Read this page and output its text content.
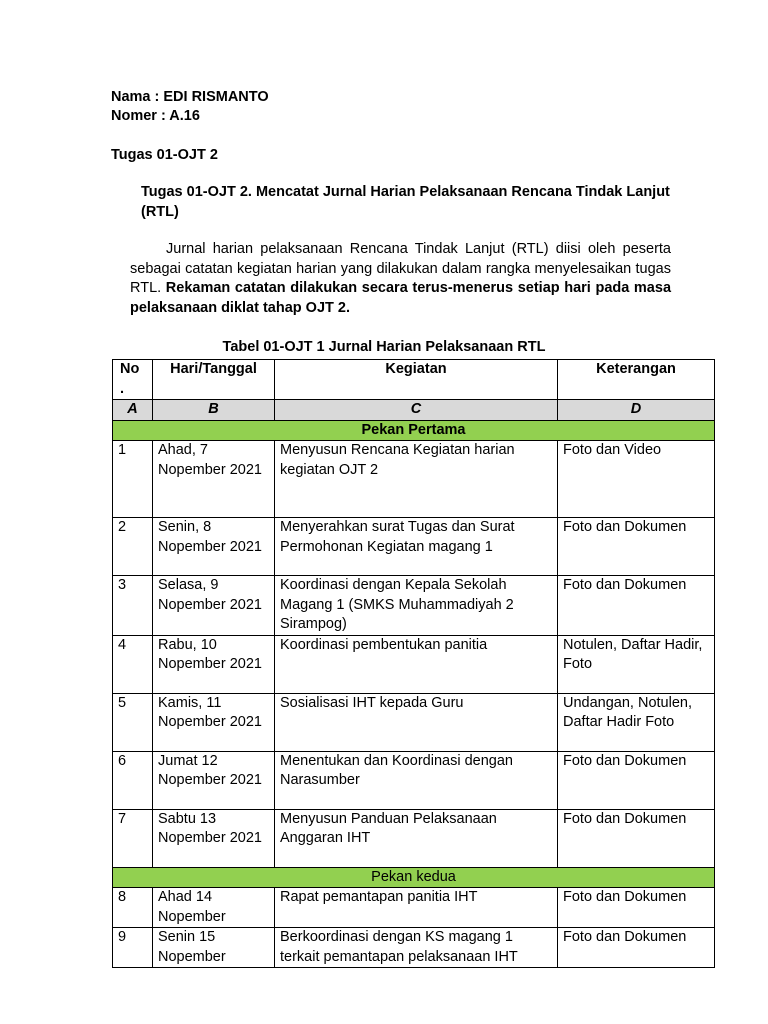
Nama : EDI RISMANTO
Nomer : A.16
Tugas 01-OJT 2
Tugas 01-OJT 2. Mencatat Jurnal Harian Pelaksanaan Rencana Tindak Lanjut (RTL)
Jurnal harian pelaksanaan Rencana Tindak Lanjut (RTL) diisi oleh peserta sebagai catatan kegiatan harian yang dilakukan dalam rangka menyelesaikan tugas RTL. Rekaman catatan dilakukan secara terus-menerus setiap hari pada masa pelaksanaan diklat tahap OJT 2.
Tabel 01-OJT 1 Jurnal Harian Pelaksanaan RTL
No .	Hari/Tanggal	Kegiatan	Keterangan
A	B	C	D
Pekan Pertama			
1	Ahad, 7 Nopember 2021	Menyusun Rencana Kegiatan harian kegiatan OJT 2	Foto dan Video
2	Senin, 8 Nopember 2021	Menyerahkan surat Tugas dan Surat Permohonan Kegiatan magang 1	Foto dan Dokumen
3	Selasa, 9 Nopember 2021	Koordinasi dengan Kepala Sekolah Magang 1 (SMKS Muhammadiyah 2 Sirampog)	Foto dan Dokumen
4	Rabu, 10 Nopember 2021	Koordinasi pembentukan panitia	Notulen, Daftar Hadir, Foto
5	Kamis, 11 Nopember 2021	Sosialisasi IHT kepada Guru	Undangan, Notulen, Daftar Hadir Foto
6	Jumat 12 Nopember 2021	Menentukan dan Koordinasi dengan Narasumber	Foto dan Dokumen
7	Sabtu 13 Nopember 2021	Menyusun Panduan Pelaksanaan Anggaran IHT	Foto dan Dokumen
Pekan kedua			
8	Ahad 14 Nopember	Rapat pemantapan panitia IHT	Foto dan Dokumen
9	Senin 15 Nopember	Berkoordinasi dengan KS magang 1 terkait pemantapan pelaksanaan IHT	Foto dan Dokumen
